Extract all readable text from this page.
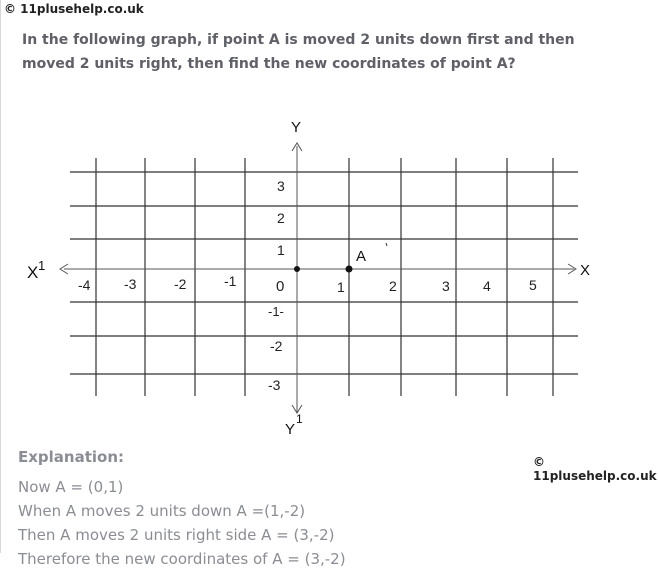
© 11plusehelp.co.uk
In the following graph, if point A is moved 2 units down first and then moved 2 units right, then find the new coordinates of point A?
X
X 1
Y
Y
1
-4 -3	-2	-1	1	2	3 4	5
0
3
2
1
-1-
-2
-3
A
Explanation:	© 11plusehelp.co.uk
Now A = (0,1)
When A moves 2 units down A =(1,-2)
Then A moves 2 units right side A = (3,-2)
Therefore the new coordinates of A = (3,-2)
